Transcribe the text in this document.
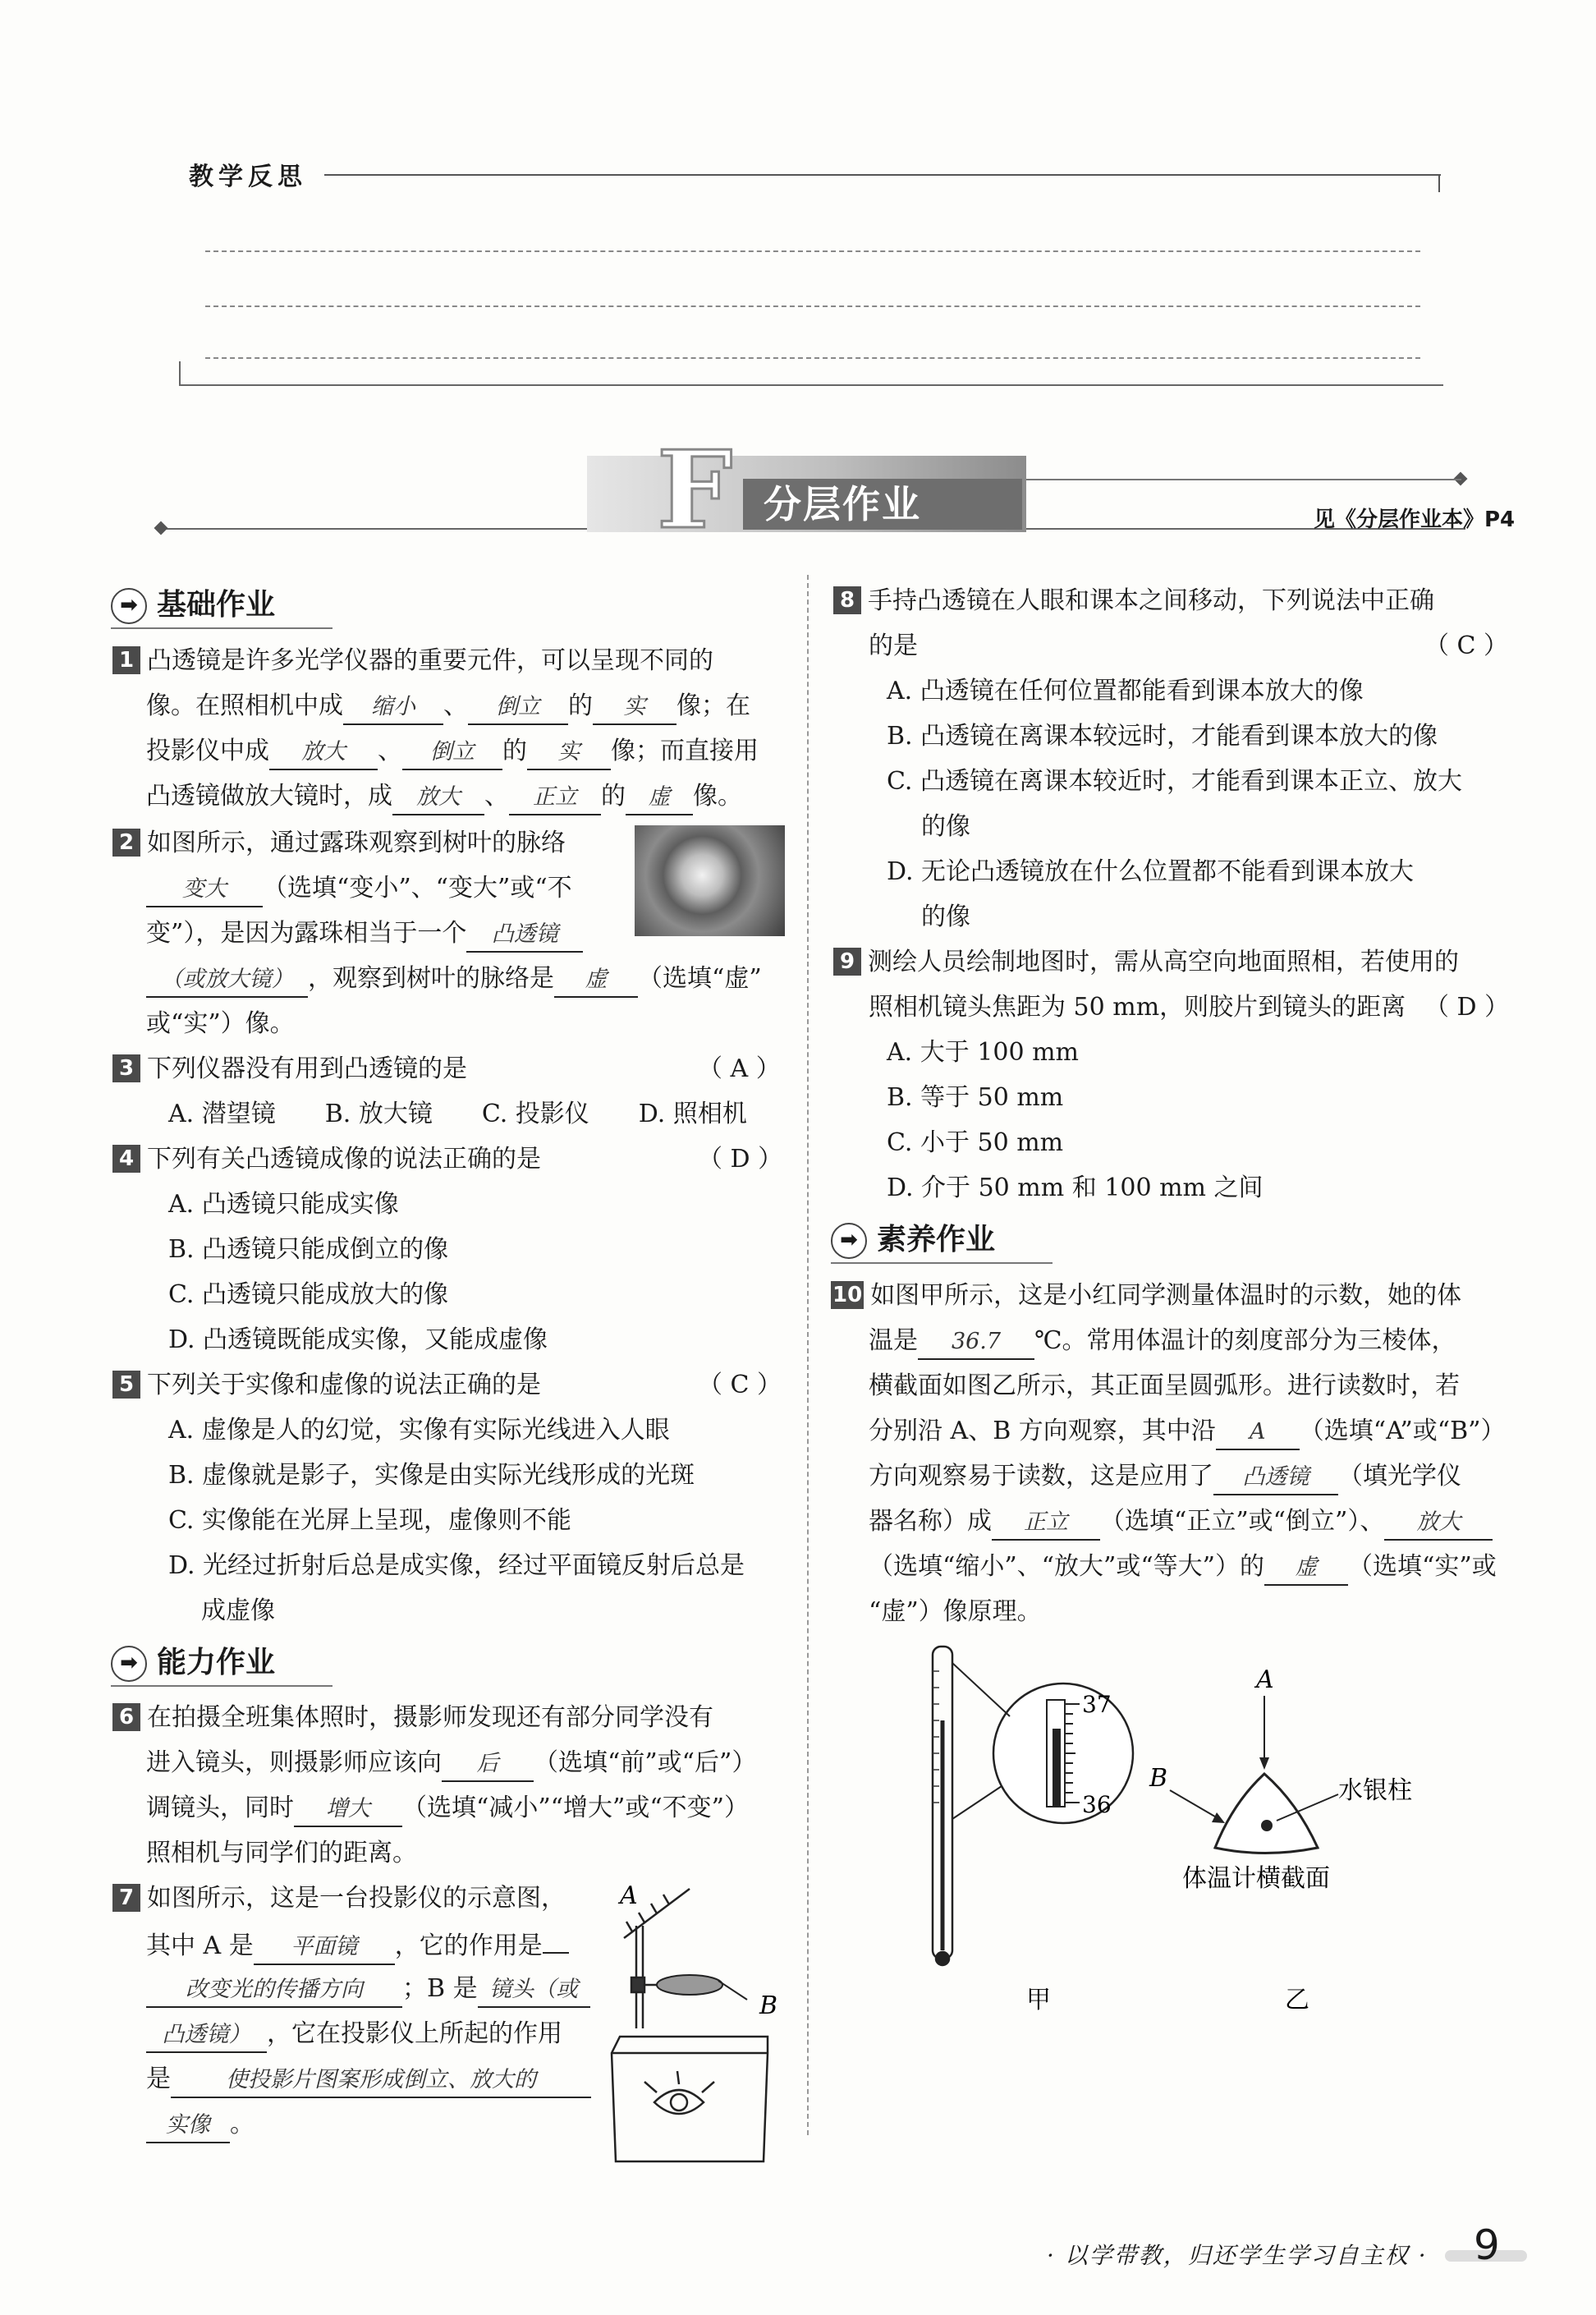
教学反思
F 分层作业	见《分层作业本》P4
➡ 基础作业
1 凸透镜是许多光学仪器的重要元件，可以呈现不同的
像。在照相机中成 缩小 、 倒立 的 实 像；在
投影仪中成 放大 、 倒立 的 实 像；而直接用
凸透镜做放大镜时，成 放大 、 正立 的 虚 像。
2 如图所示，通过露珠观察到树叶的脉络
变大 （选填“变小”、“变大”或“不
变”），是因为露珠相当于一个 凸透镜
（或放大镜） ，观察到树叶的脉络是 虚 （选填“虚”
或“实”）像。
3 下列仪器没有用到凸透镜的是	（ A ）
A. 潜望镜　　B. 放大镜　　C. 投影仪　　D. 照相机
4 下列有关凸透镜成像的说法正确的是	（ D ）
A. 凸透镜只能成实像
B. 凸透镜只能成倒立的像
C. 凸透镜只能成放大的像
D. 凸透镜既能成实像，又能成虚像
5 下列关于实像和虚像的说法正确的是	（ C ）
A. 虚像是人的幻觉，实像有实际光线进入人眼
B. 虚像就是影子，实像是由实际光线形成的光斑
C. 实像能在光屏上呈现，虚像则不能
D. 光经过折射后总是成实像，经过平面镜反射后总是
成虚像
➡ 能力作业
6 在拍摄全班集体照时，摄影师发现还有部分同学没有
进入镜头，则摄影师应该向 后 （选填“前”或“后”）
调镜头，同时 增大 （选填“减小”“增大”或“不变”）
照相机与同学们的距离。
7 如图所示，这是一台投影仪的示意图，
其中 A 是 平面镜 ，它的作用是
改变光的传播方向 ；B 是 镜头（或
凸透镜） ，它在投影仪上所起的作用
是 使投影片图案形成倒立、放大的
实像 。
A
B
8 手持凸透镜在人眼和课本之间移动，下列说法中正确
的是	（ C ）
A. 凸透镜在任何位置都能看到课本放大的像
B. 凸透镜在离课本较远时，才能看到课本放大的像
C. 凸透镜在离课本较近时，才能看到课本正立、放大
的像
D. 无论凸透镜放在什么位置都不能看到课本放大
的像
9 测绘人员绘制地图时，需从高空向地面照相，若使用的
照相机镜头焦距为 50 mm，则胶片到镜头的距离 （ D ）
A. 大于 100 mm
B. 等于 50 mm
C. 小于 50 mm
D. 介于 50 mm 和 100 mm 之间
➡ 素养作业
10 如图甲所示，这是小红同学测量体温时的示数，她的体
温是 36.7 ℃。常用体温计的刻度部分为三棱体，
横截面如图乙所示，其正面呈圆弧形。进行读数时，若
分别沿 A、B 方向观察，其中沿 A （选填“A”或“B”）
方向观察易于读数，这是应用了 凸透镜 （填光学仪
器名称）成 正立 （选填“正立”或“倒立”）、 放大
（选填“缩小”、“放大”或“等大”）的 虚 （选填“实”或
“虚”）像原理。
37
36
A
B	水银柱
体温计横截面
甲	乙
· 以学带教，归还学生学习自主权 · 9
